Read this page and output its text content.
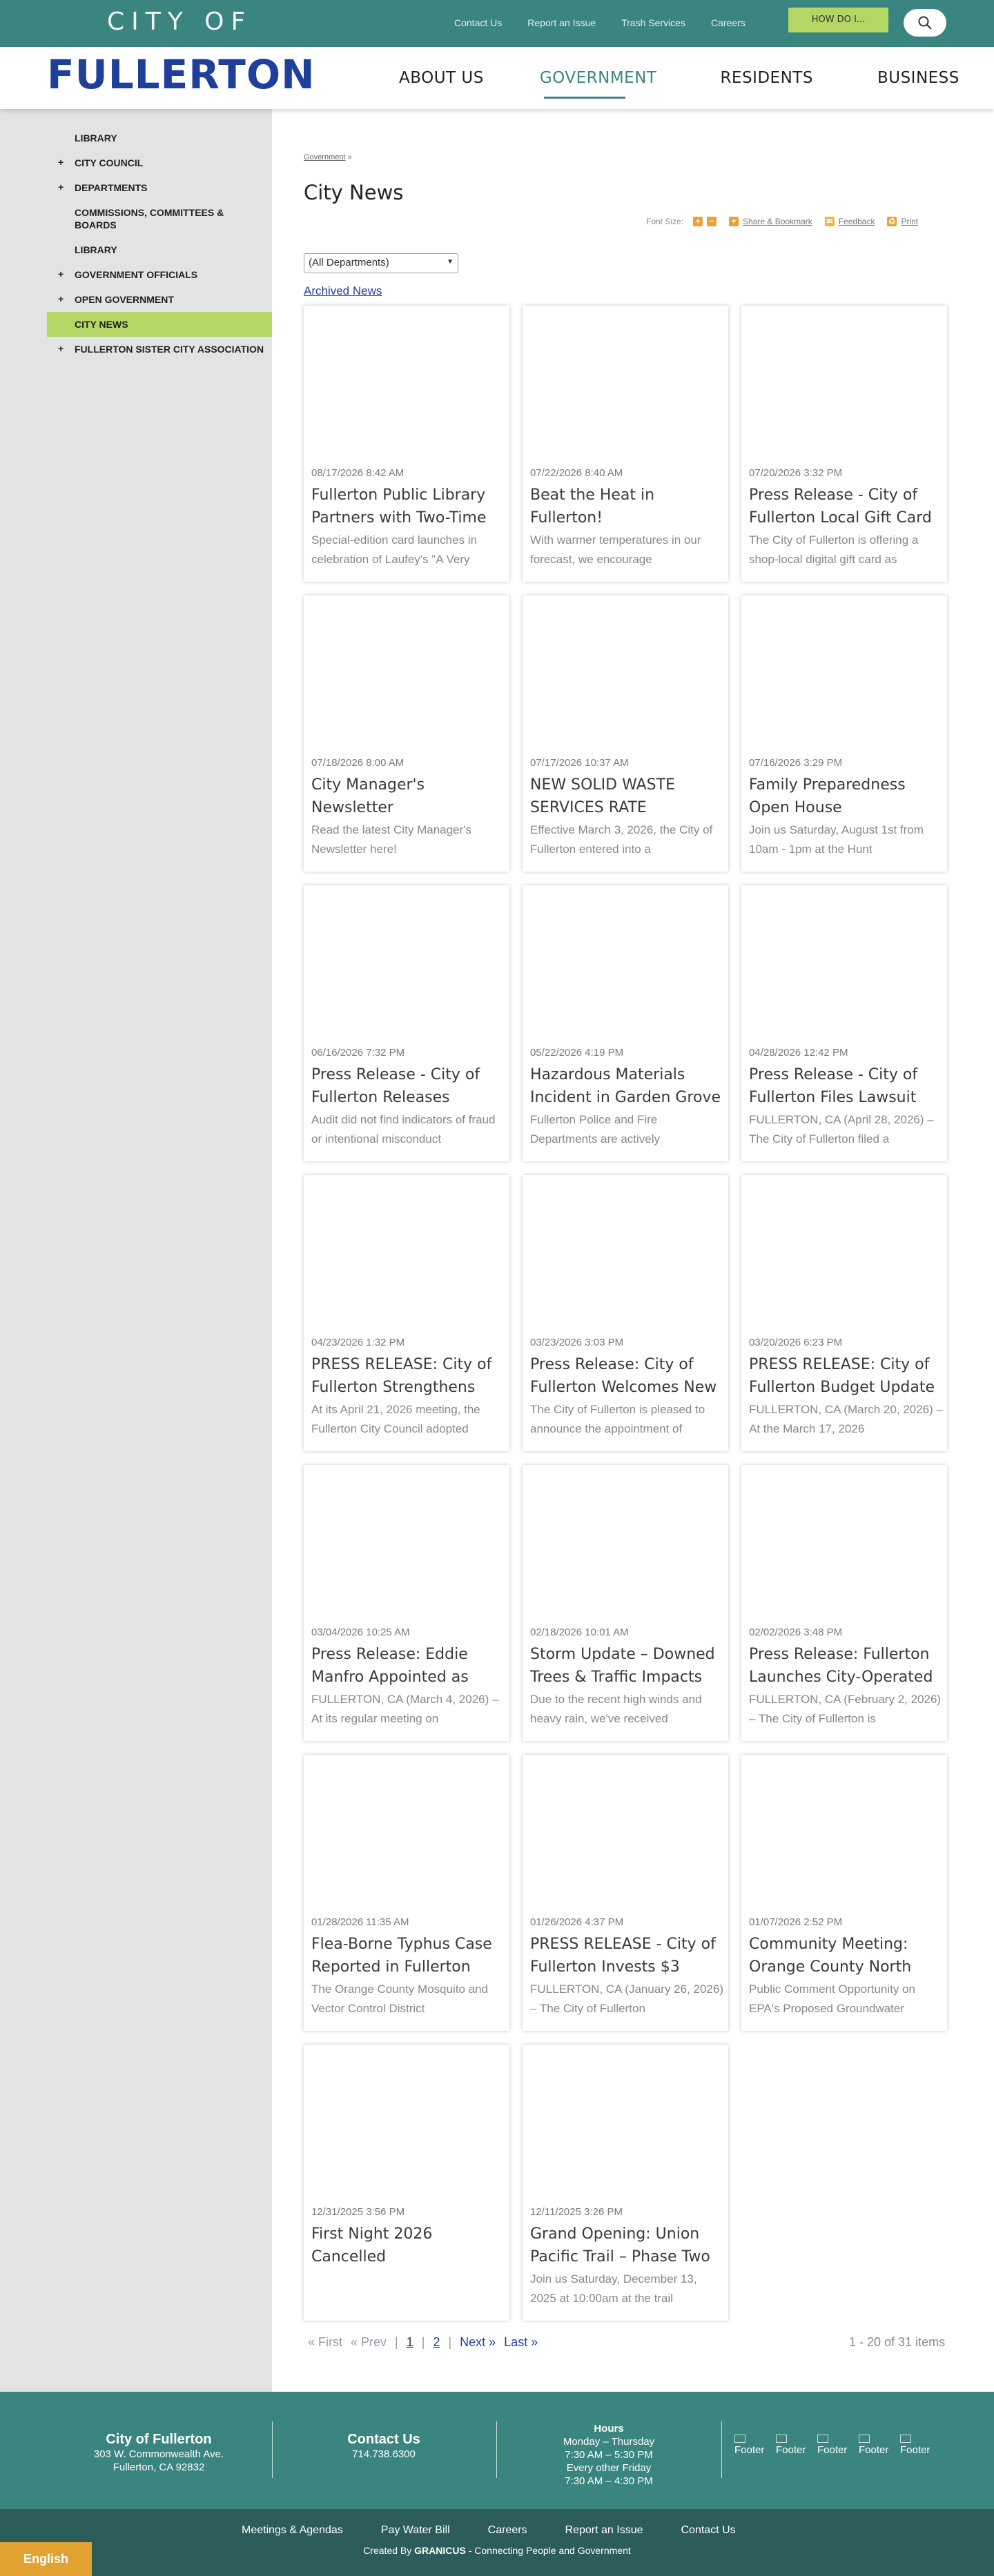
CITY OF	Contact Us	Report an Issue	Trash Services	Careers	HOW DO I...
FULLERTON	ABOUT US	GOVERNMENT	RESIDENTS	BUSINESS
LIBRARY
+ CITY COUNCIL
+ DEPARTMENTS
COMMISSIONS, COMMITTEES & BOARDS
LIBRARY
+ GOVERNMENT OFFICIALS
+ OPEN GOVERNMENT
CITY NEWS
+ FULLERTON SISTER CITY ASSOCIATION
Government »
City News
Font Size:	+	−	+ Share & Bookmark ✉ Feedback ⎙ Print
(All Departments)	▼
Archived News
08/17/2026 8:42 AM
Fullerton Public Library Partners with Two-Time
Special-edition card launches in celebration of Laufey's "A Very
07/22/2026 8:40 AM
Beat the Heat in Fullerton!
With warmer temperatures in our forecast, we encourage
07/20/2026 3:32 PM
Press Release - City of Fullerton Local Gift Card
The City of Fullerton is offering a shop-local digital gift card as
07/18/2026 8:00 AM
City Manager's Newsletter
Read the latest City Manager's Newsletter here!
07/17/2026 10:37 AM
NEW SOLID WASTE SERVICES RATE
Effective March 3, 2026, the City of Fullerton entered into a
07/16/2026 3:29 PM
Family Preparedness Open House
Join us Saturday, August 1st from 10am - 1pm at the Hunt
06/16/2026 7:32 PM
Press Release - City of Fullerton Releases
Audit did not find indicators of fraud or intentional misconduct
05/22/2026 4:19 PM
Hazardous Materials Incident in Garden Grove
Fullerton Police and Fire Departments are actively
04/28/2026 12:42 PM
Press Release - City of Fullerton Files Lawsuit
FULLERTON, CA (April 28, 2026) – The City of Fullerton filed a
04/23/2026 1:32 PM
PRESS RELEASE: City of Fullerton Strengthens
At its April 21, 2026 meeting, the Fullerton City Council adopted
03/23/2026 3:03 PM
Press Release: City of Fullerton Welcomes New
The City of Fullerton is pleased to announce the appointment of
03/20/2026 6:23 PM
PRESS RELEASE: City of Fullerton Budget Update
FULLERTON, CA (March 20, 2026) – At the March 17, 2026
03/04/2026 10:25 AM
Press Release: Eddie Manfro Appointed as
FULLERTON, CA (March 4, 2026) – At its regular meeting on
02/18/2026 10:01 AM
Storm Update – Downed Trees & Traffic Impacts
Due to the recent high winds and heavy rain, we've received
02/02/2026 3:48 PM
Press Release: Fullerton Launches City-Operated
FULLERTON, CA (February 2, 2026) – The City of Fullerton is
01/28/2026 11:35 AM
Flea-Borne Typhus Case Reported in Fullerton
The Orange County Mosquito and Vector Control District
01/26/2026 4:37 PM
PRESS RELEASE - City of Fullerton Invests $3
FULLERTON, CA (January 26, 2026) – The City of Fullerton
01/07/2026 2:52 PM
Community Meeting: Orange County North
Public Comment Opportunity on EPA's Proposed Groundwater
12/31/2025 3:56 PM
First Night 2026 Cancelled
12/11/2025 3:26 PM
Grand Opening: Union Pacific Trail – Phase Two
Join us Saturday, December 13, 2025 at 10:00am at the trail
« First « Prev | 1 | 2 | Next » Last »	1 - 20 of 31 items
City of Fullerton
303 W. Commonwealth Ave.
Fullerton, CA 92832
Contact Us
714.738.6300
Hours
Monday – Thursday
7:30 AM – 5:30 PM
Every other Friday
7:30 AM – 4:30 PM
Footer Footer Footer Footer Footer
Meetings & Agendas	Pay Water Bill	Careers	Report an Issue	Contact Us
Created By GRANICUS - Connecting People and Government
English
